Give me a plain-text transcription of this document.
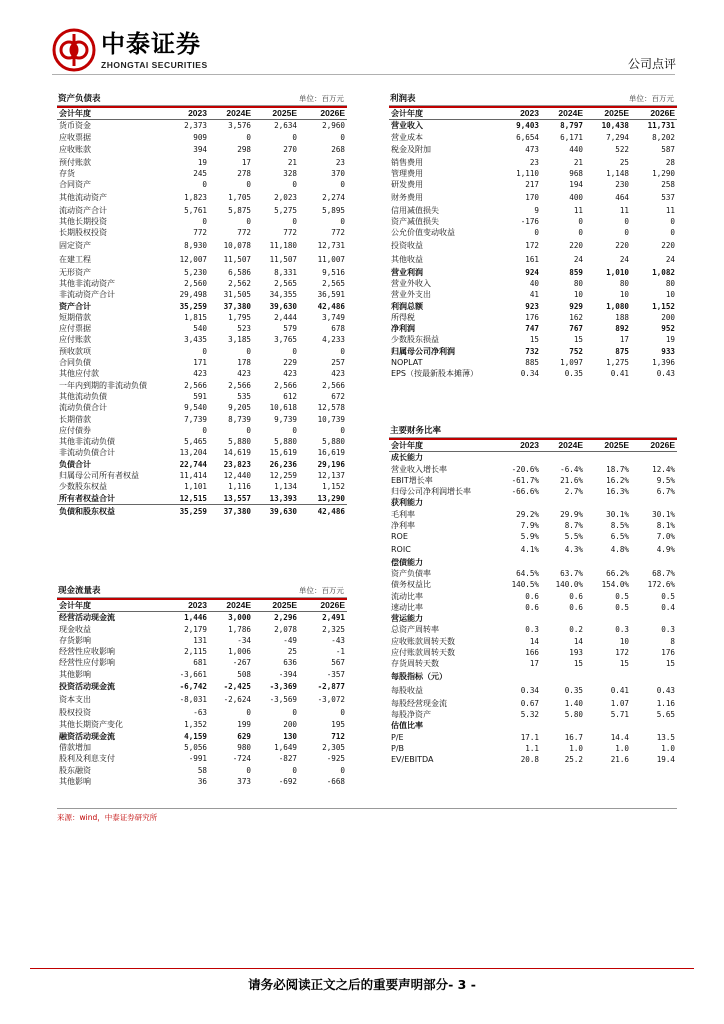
中泰证券
ZHONGTAI SECURITIES	公司点评
资产负债表	单位：百万元
会计年度	2023	2024E	2025E	2026E
货币资金	2,373	3,576	2,634	2,960
应收票据	909	0	0	0
应收账款	394	298	270	268
预付账款	19	17	21	23
存货	245	278	328	370
合同资产	0	0	0	0
其他流动资产	1,823	1,705	2,023	2,274
流动资产合计	5,761	5,875	5,275	5,895
其他长期投资	0	0	0	0
长期股权投资	772	772	772	772
固定资产	8,930	10,078	11,180	12,731
在建工程	12,007	11,507	11,507	11,007
无形资产	5,230	6,586	8,331	9,516
其他非流动资产	2,560	2,562	2,565	2,565
非流动资产合计	29,498	31,505	34,355	36,591
资产合计	35,259	37,380	39,630	42,486
短期借款	1,815	1,795	2,444	3,749
应付票据	540	523	579	678
应付账款	3,435	3,185	3,765	4,233
预收款项	0	0	0	0
合同负债	171	178	229	257
其他应付款	423	423	423	423
一年内到期的非流动负债	2,566	2,566	2,566	2,566
其他流动负债	591	535	612	672
流动负债合计	9,540	9,205	10,618	12,578
长期借款	7,739	8,739	9,739	10,739
应付债券	0	0	0	0
其他非流动负债	5,465	5,880	5,880	5,880
非流动负债合计	13,204	14,619	15,619	16,619
负债合计	22,744	23,823	26,236	29,196
归属母公司所有者权益	11,414	12,440	12,259	12,137
少数股东权益	1,101	1,116	1,134	1,152
所有者权益合计	12,515	13,557	13,393	13,290
负债和股东权益	35,259	37,380	39,630	42,486
利润表	单位：百万元
会计年度	2023	2024E	2025E	2026E
营业收入	9,403	8,797	10,438	11,731
营业成本	6,654	6,171	7,294	8,202
税金及附加	473	440	522	587
销售费用	23	21	25	28
管理费用	1,110	968	1,148	1,290
研发费用	217	194	230	258
财务费用	170	400	464	537
信用减值损失	9	11	11	11
资产减值损失	-176	0	0	0
公允价值变动收益	0	0	0	0
投资收益	172	220	220	220
其他收益	161	24	24	24
营业利润	924	859	1,010	1,082
营业外收入	40	80	80	80
营业外支出	41	10	10	10
利润总额	923	929	1,080	1,152
所得税	176	162	188	200
净利润	747	767	892	952
少数股东损益	15	15	17	19
归属母公司净利润	732	752	875	933
NOPLAT	885	1,097	1,275	1,396
EPS（按最新股本摊薄）	0.34	0.35	0.41	0.43
主要财务比率
会计年度	2023	2024E	2025E	2026E
成长能力				
营业收入增长率	-20.6%	-6.4%	18.7%	12.4%
EBIT增长率	-61.7%	21.6%	16.2%	9.5%
归母公司净利润增长率	-66.6%	2.7%	16.3%	6.7%
获利能力				
毛利率	29.2%	29.9%	30.1%	30.1%
净利率	7.9%	8.7%	8.5%	8.1%
ROE	5.9%	5.5%	6.5%	7.0%
ROIC	4.1%	4.3%	4.8%	4.9%
偿债能力				
资产负债率	64.5%	63.7%	66.2%	68.7%
债务权益比	140.5%	140.0%	154.0%	172.6%
流动比率	0.6	0.6	0.5	0.5
速动比率	0.6	0.6	0.5	0.4
营运能力				
总资产周转率	0.3	0.2	0.3	0.3
应收账款周转天数	14	14	10	8
应付账款周转天数	166	193	172	176
存货周转天数	17	15	15	15
每股指标（元）				
每股收益	0.34	0.35	0.41	0.43
每股经营现金流	0.67	1.40	1.07	1.16
每股净资产	5.32	5.80	5.71	5.65
估值比率				
P/E	17.1	16.7	14.4	13.5
P/B	1.1	1.0	1.0	1.0
EV/EBITDA	20.8	25.2	21.6	19.4
现金流量表	单位：百万元
会计年度	2023	2024E	2025E	2026E
经营活动现金流	1,446	3,000	2,296	2,491
现金收益	2,179	1,786	2,078	2,325
存货影响	131	-34	-49	-43
经营性应收影响	2,115	1,006	25	-1
经营性应付影响	681	-267	636	567
其他影响	-3,661	508	-394	-357
投资活动现金流	-6,742	-2,425	-3,369	-2,877
资本支出	-8,031	-2,624	-3,569	-3,072
股权投资	-63	0	0	0
其他长期资产变化	1,352	199	200	195
融资活动现金流	4,159	629	130	712
借款增加	5,056	980	1,649	2,305
股利及利息支付	-991	-724	-827	-925
股东融资	58	0	0	0
其他影响	36	373	-692	-668
来源：wind，中泰证券研究所
请务必阅读正文之后的重要声明部分- 3 -
